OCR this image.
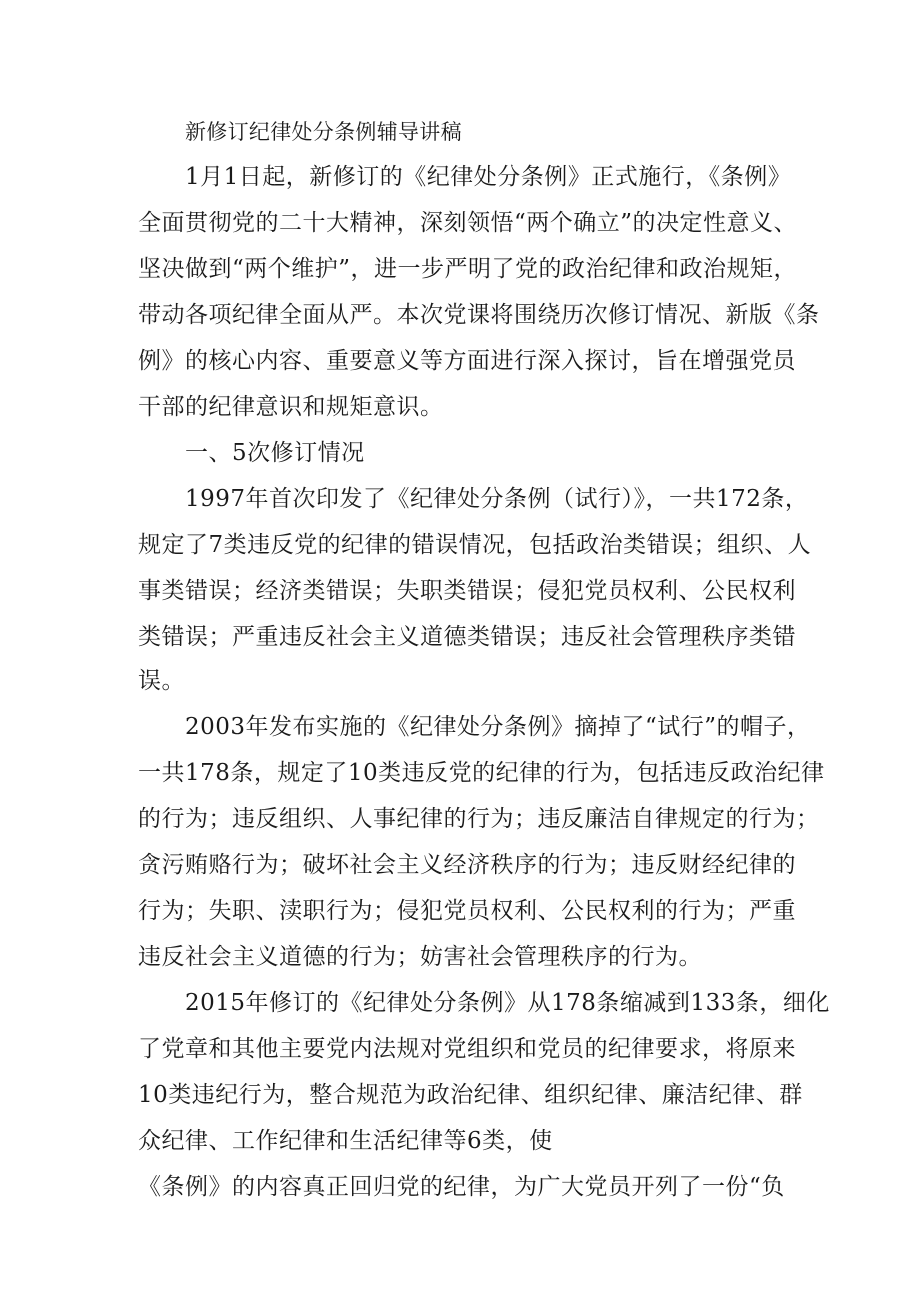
新修订纪律处分条例辅导讲稿
1月1日起，新修订的《纪律处分条例》正式施行，《条例》
全面贯彻党的二十大精神，深刻领悟“两个确立”的决定性意义、
坚决做到“两个维护”，进一步严明了党的政治纪律和政治规矩，
带动各项纪律全面从严。本次党课将围绕历次修订情况、新版《条
例》的核心内容、重要意义等方面进行深入探讨，旨在增强党员
干部的纪律意识和规矩意识。
一、5次修订情况
1997年首次印发了《纪律处分条例（试行）》，一共172条，
规定了7类违反党的纪律的错误情况，包括政治类错误；组织、人
事类错误；经济类错误；失职类错误；侵犯党员权利、公民权利
类错误；严重违反社会主义道德类错误；违反社会管理秩序类错
误。
2003年发布实施的《纪律处分条例》摘掉了“试行”的帽子，
一共178条，规定了10类违反党的纪律的行为，包括违反政治纪律
的行为；违反组织、人事纪律的行为；违反廉洁自律规定的行为；
贪污贿赂行为；破坏社会主义经济秩序的行为；违反财经纪律的
行为；失职、渎职行为；侵犯党员权利、公民权利的行为；严重
违反社会主义道德的行为；妨害社会管理秩序的行为。
2015年修订的《纪律处分条例》从178条缩减到133条，细化
了党章和其他主要党内法规对党组织和党员的纪律要求，将原来
10类违纪行为，整合规范为政治纪律、组织纪律、廉洁纪律、群
众纪律、工作纪律和生活纪律等6类，使
《条例》的内容真正回归党的纪律，为广大党员开列了一份“负
